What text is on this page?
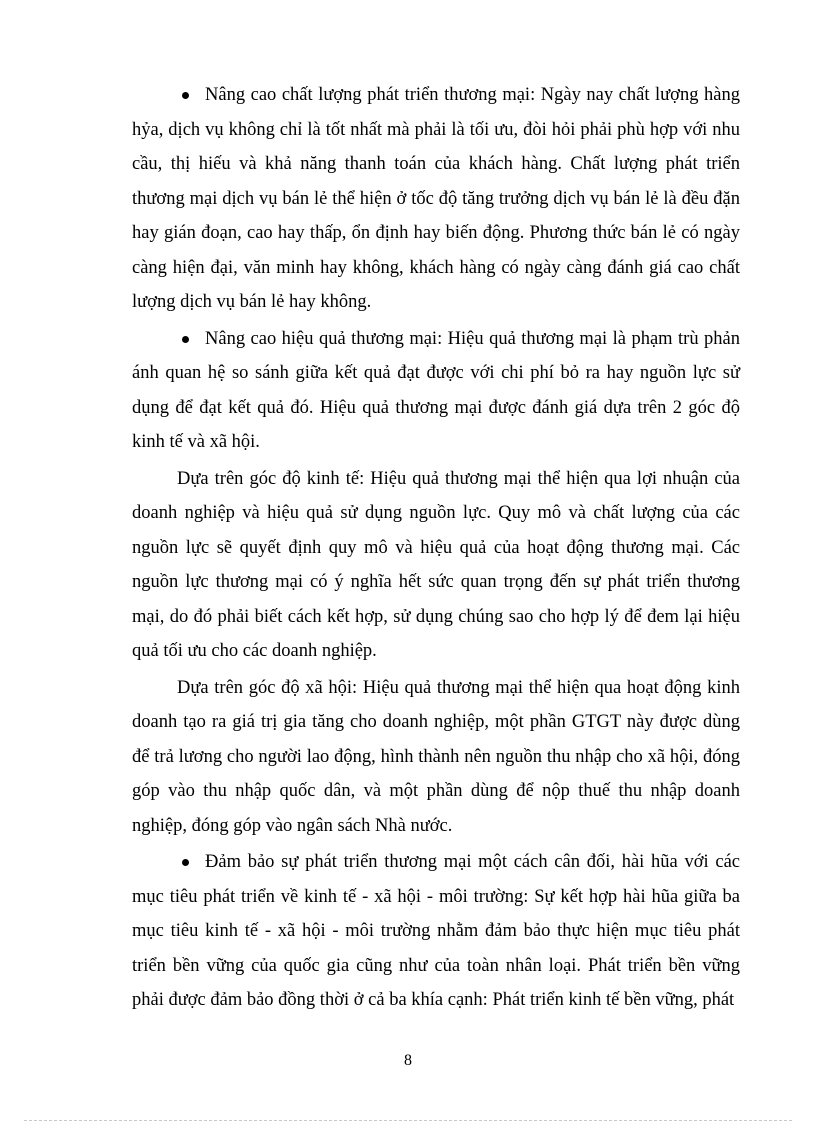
Nâng cao chất lượng phát triển thương mại: Ngày nay chất lượng hàng hỷa, dịch vụ không chỉ là tốt nhất mà phải là tối ưu, đòi hỏi phải phù hợp với nhu cầu, thị hiếu và khả năng thanh toán của khách hàng. Chất lượng phát triển thương mại dịch vụ bán lẻ thể hiện ở tốc độ tăng trưởng dịch vụ bán lẻ là đều đặn hay gián đoạn, cao hay thấp, ổn định hay biến động. Phương thức bán lẻ có ngày càng hiện đại, văn minh hay không, khách hàng có ngày càng đánh giá cao chất lượng dịch vụ bán lẻ hay không.

Nâng cao hiệu quả thương mại: Hiệu quả thương mại là phạm trù phản ánh quan hệ so sánh giữa kết quả đạt được với chi phí bỏ ra hay nguồn lực sử dụng để đạt kết quả đó. Hiệu quả thương mại được đánh giá dựa trên 2 góc độ kinh tế và xã hội.

Dựa trên góc độ kinh tế: Hiệu quả thương mại thể hiện qua lợi nhuận của doanh nghiệp và hiệu quả sử dụng nguồn lực. Quy mô và chất lượng của các nguồn lực sẽ quyết định quy mô và hiệu quả của hoạt động thương mại. Các nguồn lực thương mại có ý nghĩa hết sức quan trọng đến sự phát triển thương mại, do đó phải biết cách kết hợp, sử dụng chúng sao cho hợp lý để đem lại hiệu quả tối ưu cho các doanh nghiệp.

Dựa trên góc độ xã hội: Hiệu quả thương mại thể hiện qua hoạt động kinh doanh tạo ra giá trị gia tăng cho doanh nghiệp, một phần GTGT này được dùng để trả lương cho người lao động, hình thành nên nguồn thu nhập cho xã hội, đóng góp vào thu nhập quốc dân, và một phần dùng để nộp thuế thu nhập doanh nghiệp, đóng góp vào ngân sách Nhà nước.

Đảm bảo sự phát triển thương mại một cách cân đối, hài hũa với các mục tiêu phát triển về kinh tế - xã hội - môi trường: Sự kết hợp hài hũa giữa ba mục tiêu kinh tế - xã hội - môi trường nhằm đảm bảo thực hiện mục tiêu phát triển bền vững của quốc gia cũng như của toàn nhân loại. Phát triển bền vững phải được đảm bảo đồng thời ở cả ba khía cạnh: Phát triển kinh tế bền vững, phát

8
